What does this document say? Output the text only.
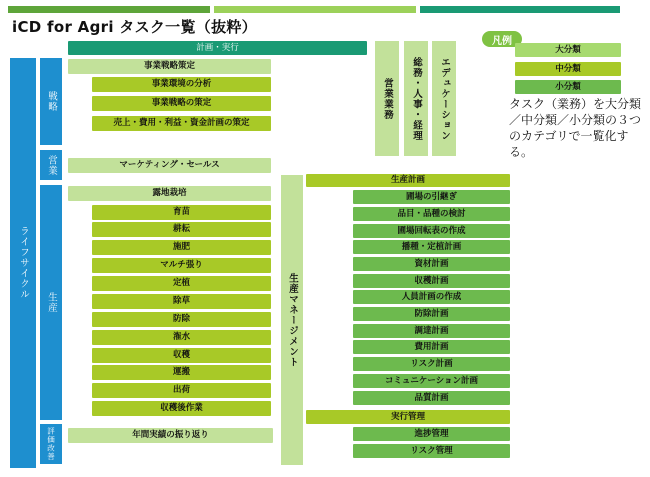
iCD for Agri タスク一覧（抜粋）
計画・実行
ライフサイクル
戦略
営業
生産
評価改善
事業戦略策定
事業環境の分析
事業戦略の策定
売上・費用・利益・資金計画の策定
マーケティング・セールス
露地栽培
育苗
耕耘
施肥
マルチ張り
定植
除草
防除
潅水
収穫
運搬
出荷
収穫後作業
年間実績の振り返り
営業業務 総務・人事・経理 エデュケーション
生産マネージメント
生産計画
圃場の引継ぎ
品目・品種の検討
圃場回転表の作成
播種・定植計画
資材計画
収穫計画
人員計画の作成
防除計画
調達計画
費用計画
リスク計画
コミュニケーション計画
品質計画
実行管理
進捗管理
リスク管理
凡例
大分類
中分類
小分類
タスク（業務）を大分類／中分類／小分類の３つのカテゴリで一覧化する。
